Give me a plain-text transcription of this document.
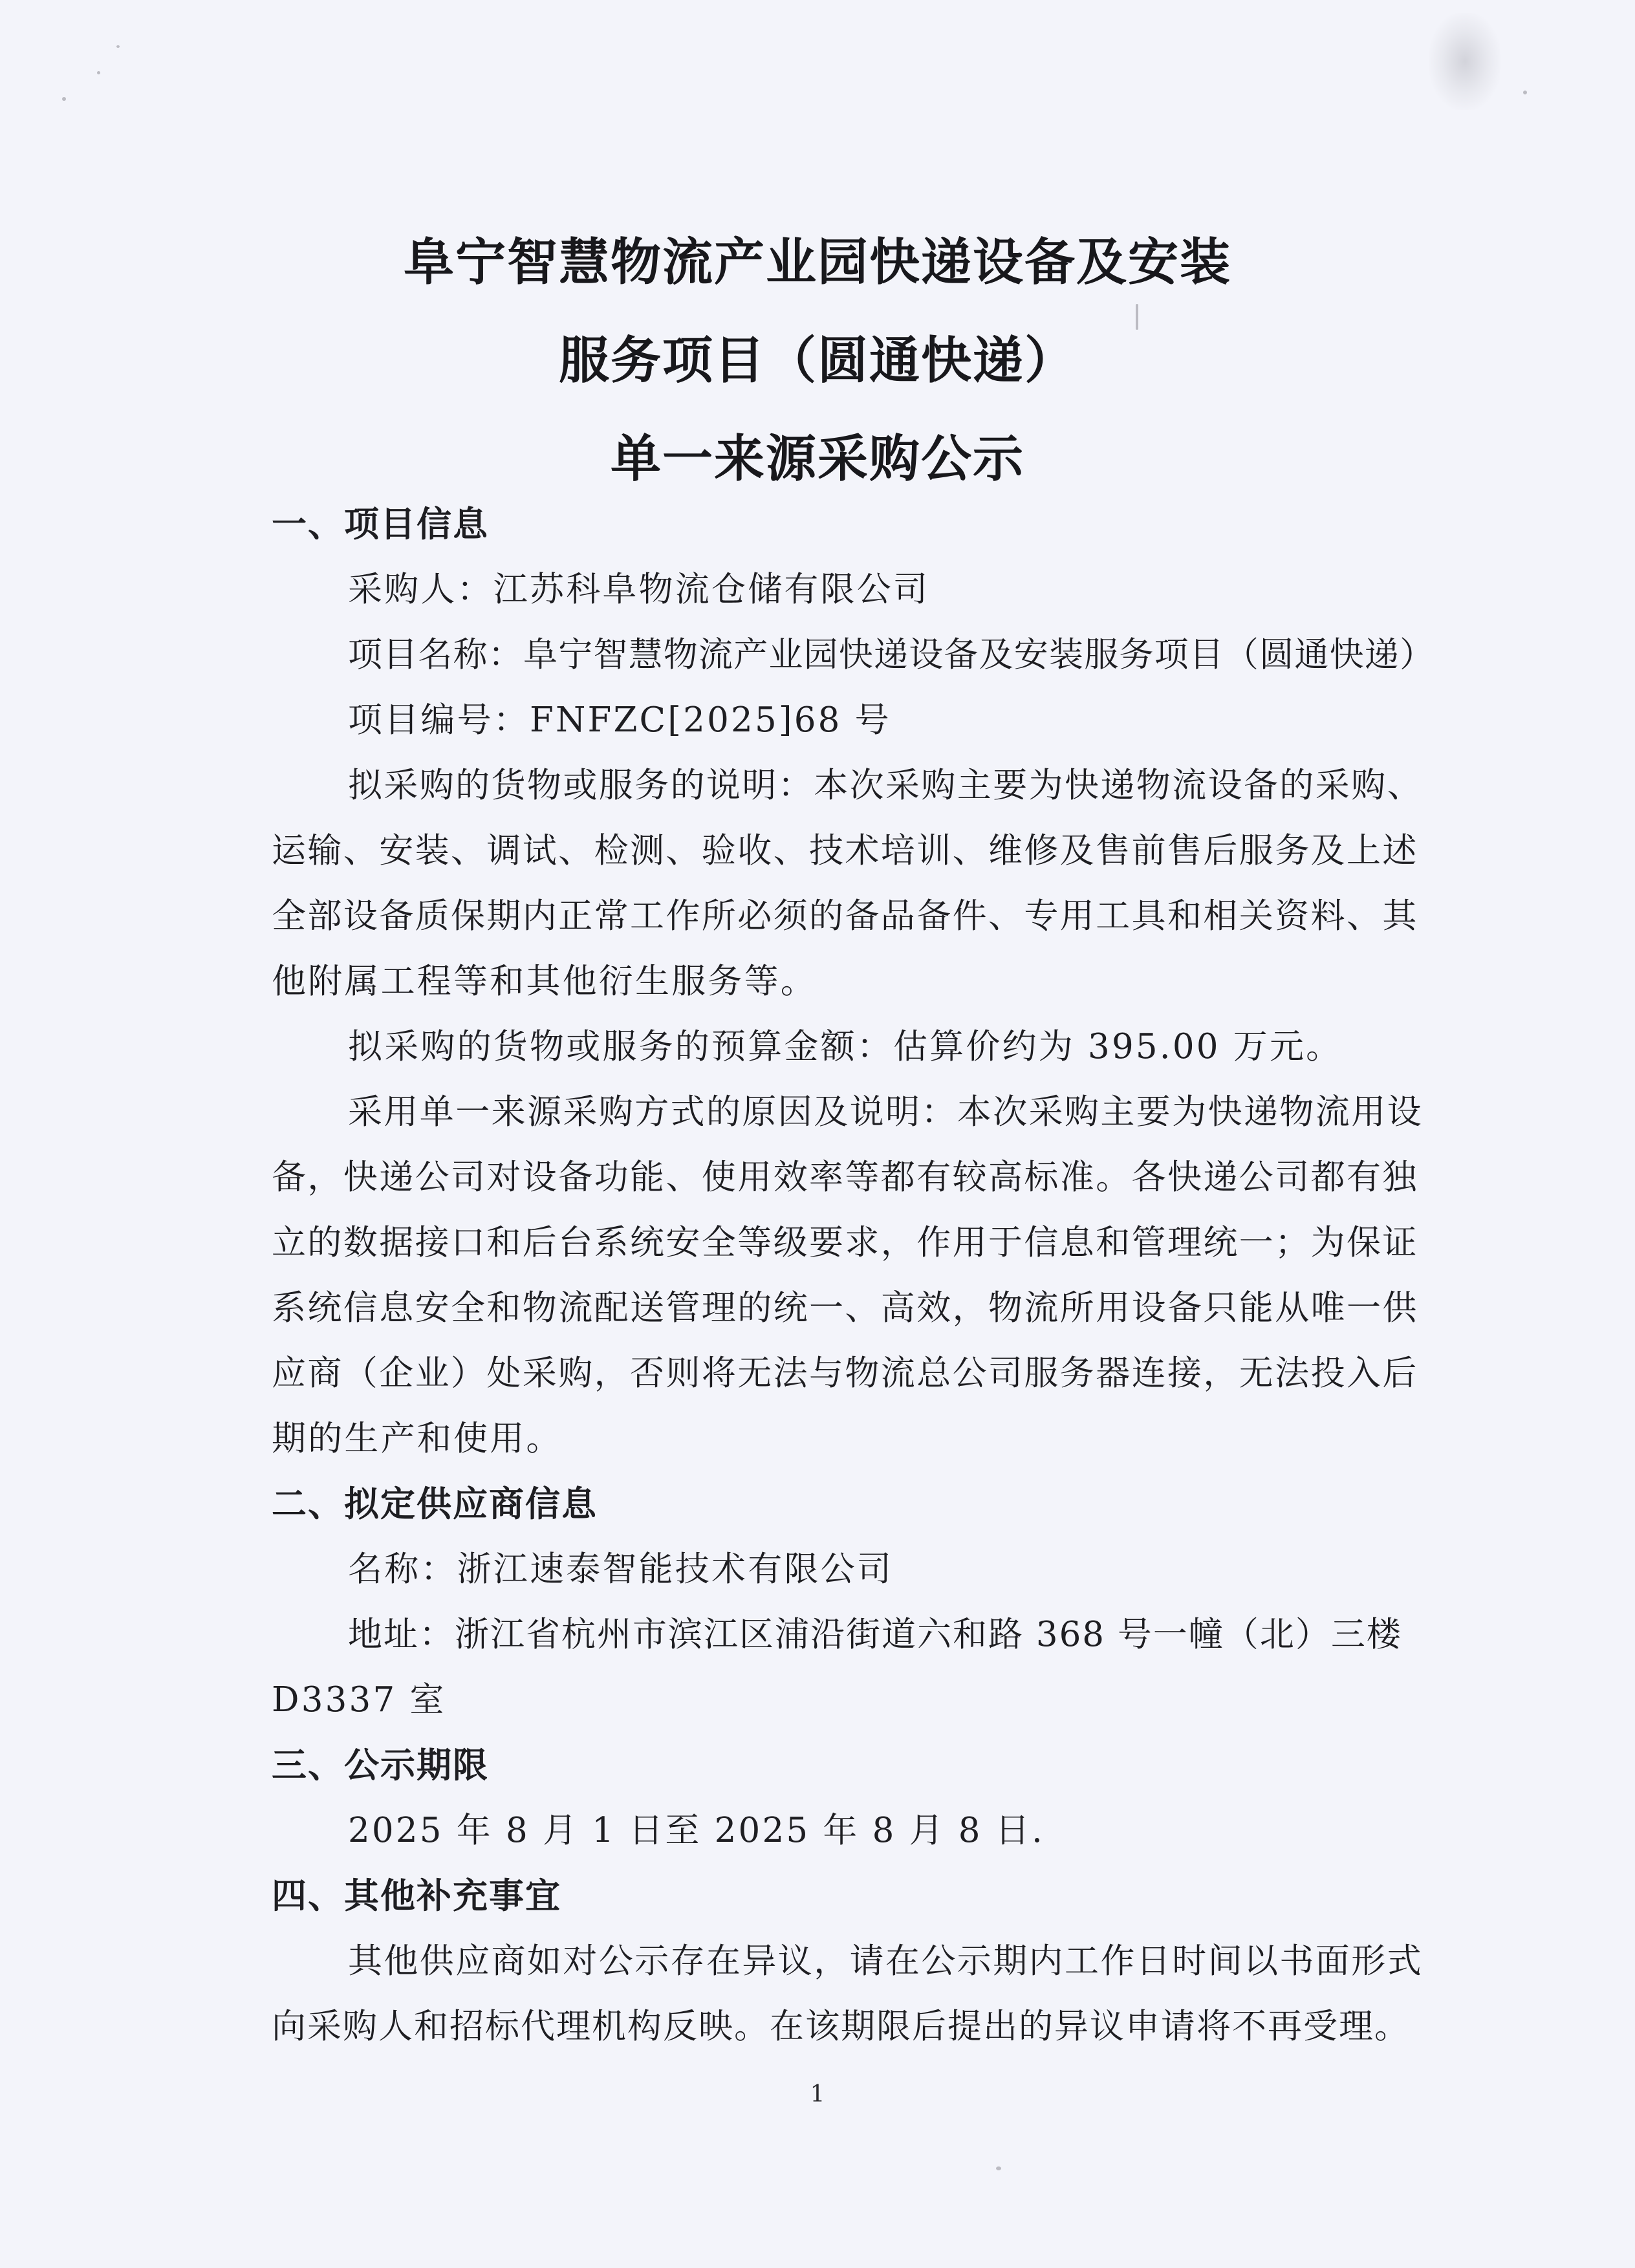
阜宁智慧物流产业园快递设备及安装
服务项目（圆通快递）
单一来源采购公示
一、项目信息
采购人：江苏科阜物流仓储有限公司
项目名称：阜宁智慧物流产业园快递设备及安装服务项目（圆通快递）
项目编号：FNFZC[2025]68 号
拟采购的货物或服务的说明：本次采购主要为快递物流设备的采购、
运输、安装、调试、检测、验收、技术培训、维修及售前售后服务及上述
全部设备质保期内正常工作所必须的备品备件、专用工具和相关资料、其
他附属工程等和其他衍生服务等。
拟采购的货物或服务的预算金额：估算价约为 395.00 万元。
采用单一来源采购方式的原因及说明：本次采购主要为快递物流用设
备，快递公司对设备功能、使用效率等都有较高标准。各快递公司都有独
立的数据接口和后台系统安全等级要求，作用于信息和管理统一；为保证
系统信息安全和物流配送管理的统一、高效，物流所用设备只能从唯一供
应商（企业）处采购，否则将无法与物流总公司服务器连接，无法投入后
期的生产和使用。
二、拟定供应商信息
名称：浙江速泰智能技术有限公司
地址：浙江省杭州市滨江区浦沿街道六和路 368 号一幢（北）三楼
D3337 室
三、公示期限
2025 年 8 月 1 日至 2025 年 8 月 8 日.
四、其他补充事宜
其他供应商如对公示存在异议，请在公示期内工作日时间以书面形式
向采购人和招标代理机构反映。在该期限后提出的异议申请将不再受理。
1
